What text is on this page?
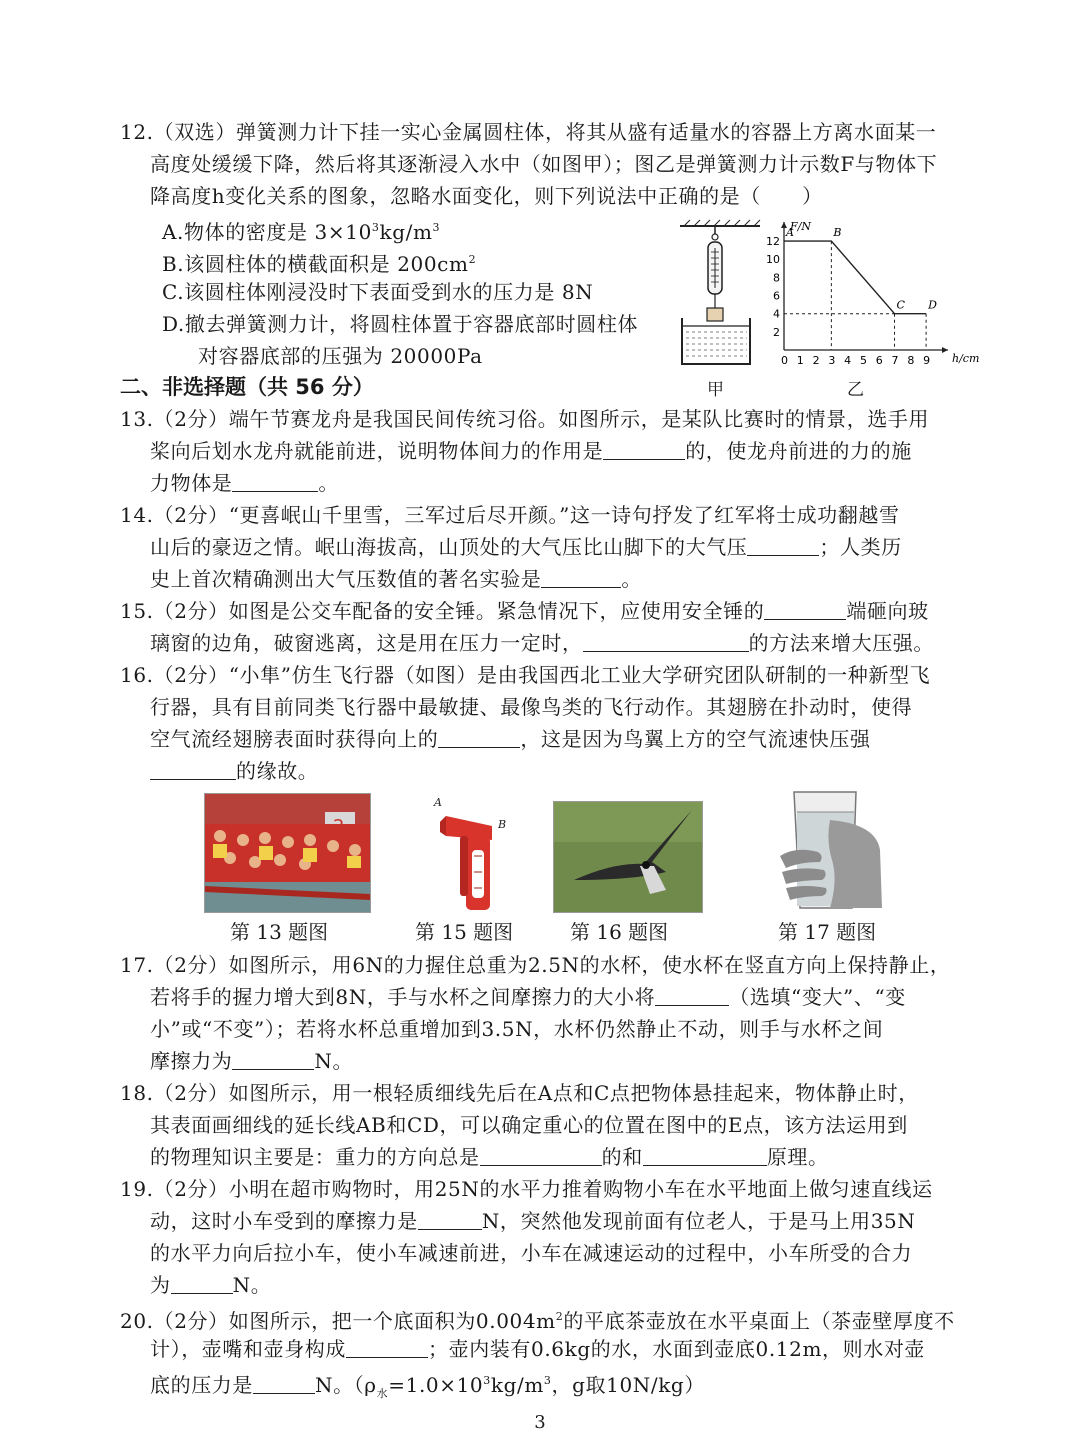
12.（双选）弹簧测力计下挂一实心金属圆柱体，将其从盛有适量水的容器上方离水面某一
高度处缓缓下降，然后将其逐渐浸入水中（如图甲）；图乙是弹簧测力计示数F与物体下
降高度h变化关系的图象，忽略水面变化，则下列说法中正确的是（　　）
A.物体的密度是 $3\times 10^3kg/m^3$
B.该圆柱体的横截面积是 $200cm^2$
C.该圆柱体刚浸没时下表面受到水的压力是 8N
D.撤去弹簧测力计，将圆柱体置于容器底部时圆柱体
对容器底部的压强为 20000Pa
甲
F/N
h/cm
0 1 2 3 4 5 6 7 8 9
2
4
6
8
10
12
A	B
C D
乙
二、非选择题（共 56 分）
13.（2分）端午节赛龙舟是我国民间传统习俗。如图所示，是某队比赛时的情景，选手用
桨向后划水龙舟就能前进，说明物体间力的作用是	的，使龙舟前进的力的施
力物体是	。
14.（2分）“更喜岷山千里雪，三军过后尽开颜。”这一诗句抒发了红军将士成功翻越雪
山后的豪迈之情。岷山海拔高，山顶处的大气压比山脚下的大气压	；人类历
史上首次精确测出大气压数值的著名实验是	。
15.（2分）如图是公交车配备的安全锤。紧急情况下，应使用安全锤的	端砸向玻
璃窗的边角，破窗逃离，这是用在压力一定时，	的方法来增大压强。
16.（2分）“小隼”仿生飞行器（如图）是由我国西北工业大学研究团队研制的一种新型飞
行器，具有目前同类飞行器中最敏捷、最像鸟类的飞行动作。其翅膀在扑动时，使得
空气流经翅膀表面时获得向上的	，这是因为鸟翼上方的空气流速快压强
的缘故。
A
B
第 13 题图	第 15 题图	第 16 题图	第 17 题图
17.（2分）如图所示，用6N的力握住总重为2.5N的水杯，使水杯在竖直方向上保持静止，
若将手的握力增大到8N，手与水杯之间摩擦力的大小将	（选填“变大”、“变
小”或“不变”）；若将水杯总重增加到3.5N，水杯仍然静止不动，则手与水杯之间
摩擦力为	N。
18.（2分）如图所示，用一根轻质细线先后在A点和C点把物体悬挂起来，物体静止时，
其表面画细线的延长线AB和CD，可以确定重心的位置在图中的E点，该方法运用到
的物理知识主要是：重力的方向总是	的和	原理。
19.（2分）小明在超市购物时，用25N的水平力推着购物小车在水平地面上做匀速直线运
动，这时小车受到的摩擦力是	N，突然他发现前面有位老人，于是马上用35N
的水平力向后拉小车，使小车减速前进，小车在减速运动的过程中，小车所受的合力
为	N。
20.（2分）如图所示，把一个底面积为$0.004m^2$的平底茶壶放在水平桌面上（茶壶壁厚度不
计），壶嘴和壶身构成	；壶内装有0.6kg的水，水面到壶底0.12m，则水对壶
底的压力是	N。（$\rho_水=1.0\times 10^3kg/m^3$，g取10N/kg）
3
